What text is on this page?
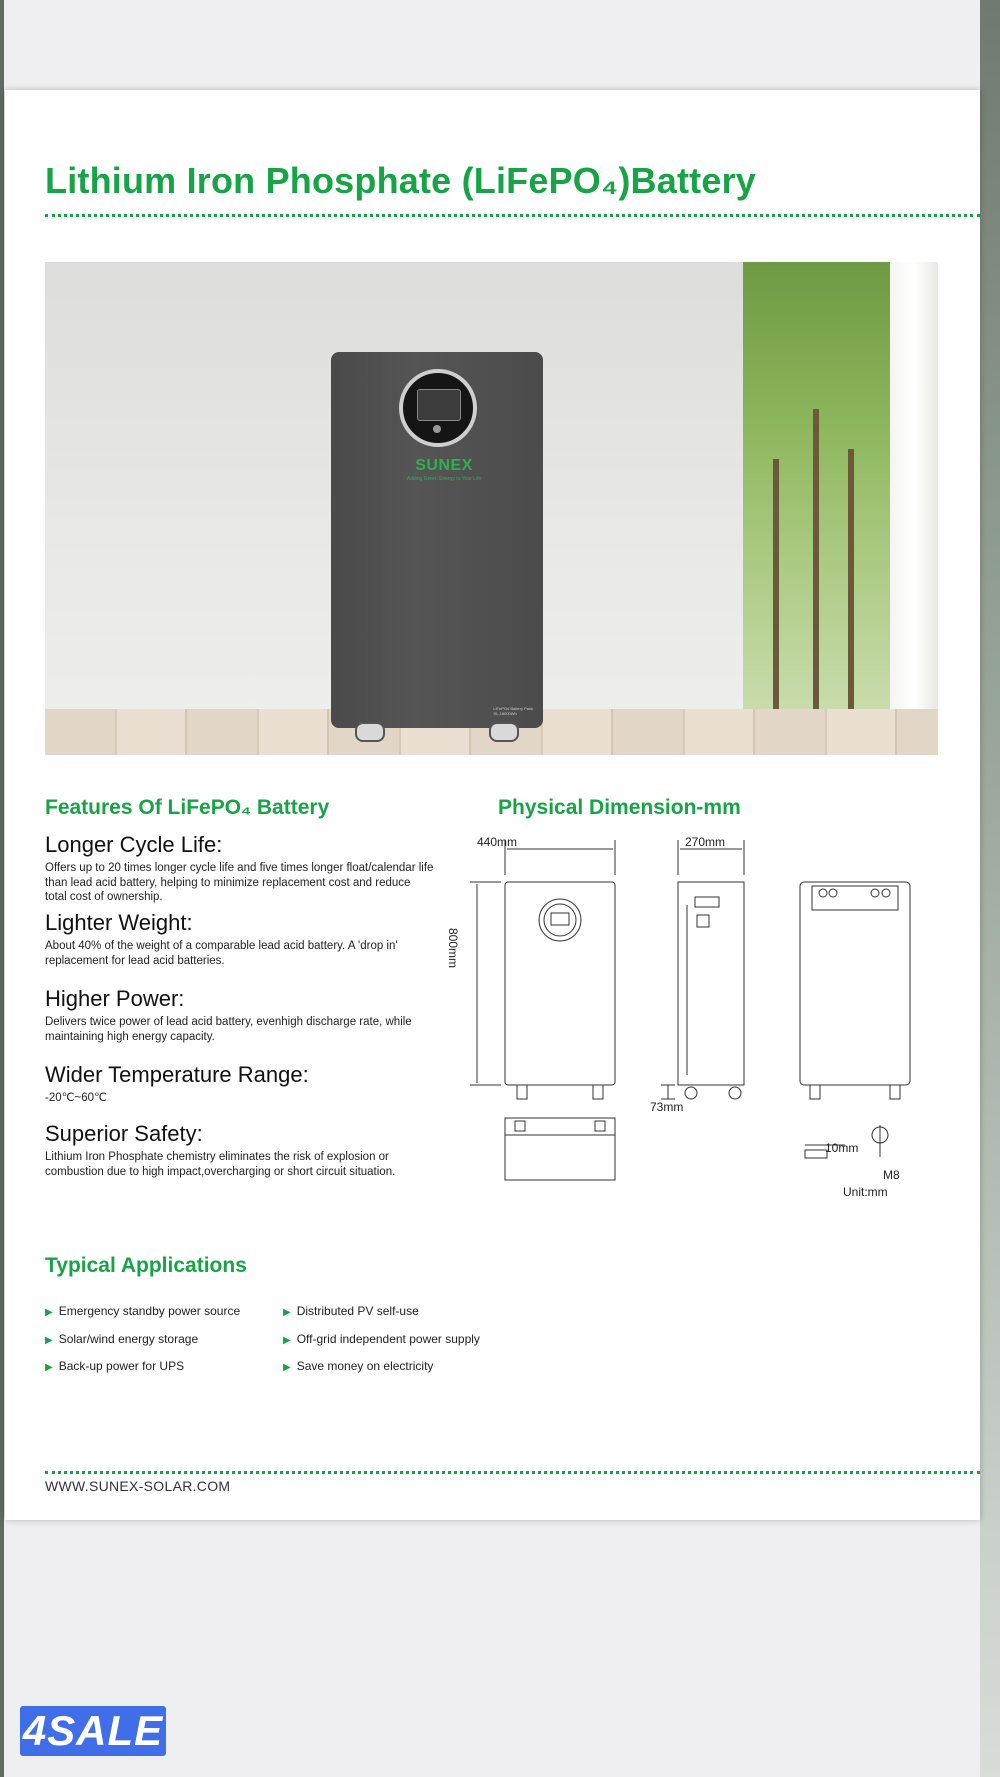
Lithium Iron Phosphate (LiFePO₄)Battery
SUNEX
Adding Green Energy to Your Life
LiFePO4 Battery Pack
SL-16000Wh
Features Of LiFePO₄ Battery
Longer Cycle Life:

Offers up to 20 times longer cycle life and five times longer float/calendar life than lead acid battery, helping to minimize replacement cost and reduce total cost of ownership.

Lighter Weight:

About 40% of the weight of a comparable lead acid battery. A 'drop in' replacement for lead acid batteries.

Higher Power:

Delivers twice power of lead acid battery, evenhigh discharge rate, while maintaining high energy capacity.

Wider Temperature Range:

-20℃~60℃

Superior Safety:

Lithium Iron Phosphate chemistry eliminates the risk of explosion or combustion due to high impact,overcharging or short circuit situation.

Physical Dimension-mm
440mm	270mm
800mm
73mm
10mm
M8
Unit:mm
Typical Applications
▶ Emergency standby power source	▶ Distributed PV self-use
▶ Solar/wind energy storage	▶ Off-grid independent power supply
▶ Back-up power for UPS	▶ Save money on electricity

WWW.SUNEX-SOLAR.COM

4SALE
